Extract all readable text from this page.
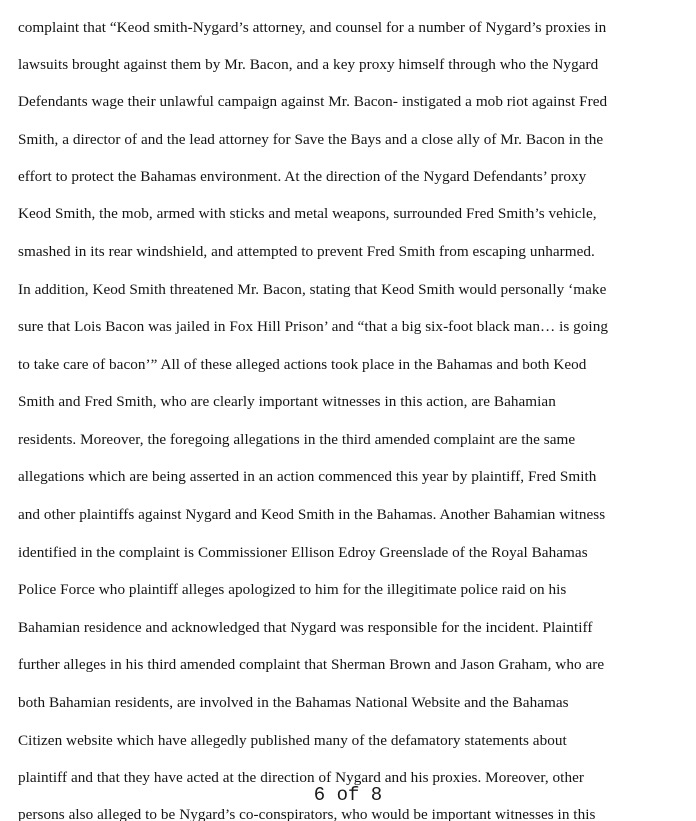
complaint that “Keod smith-Nygard’s attorney, and counsel for a number of Nygard’s proxies in
lawsuits brought against them by Mr. Bacon, and a key proxy himself through who the Nygard
Defendants wage their unlawful campaign against Mr. Bacon- instigated a mob riot against Fred
Smith, a director of and the lead attorney for Save the Bays and a close ally of Mr. Bacon in the
effort to protect the Bahamas environment. At the direction of the Nygard Defendants’ proxy
Keod Smith, the mob, armed with sticks and metal weapons, surrounded Fred Smith’s vehicle,
smashed in its rear windshield, and attempted to prevent Fred Smith from escaping unharmed.
In addition, Keod Smith threatened Mr. Bacon, stating that Keod Smith would personally ‘make
sure that Lois Bacon was jailed in Fox Hill Prison’ and “that a big six-foot black man… is going
to take care of bacon’” All of these alleged actions took place in the Bahamas and both Keod
Smith and Fred Smith, who are clearly important witnesses in this action, are Bahamian
residents. Moreover, the foregoing allegations in the third amended complaint are the same
allegations which are being asserted in an action commenced this year by plaintiff, Fred Smith
and other plaintiffs against Nygard and Keod Smith in the Bahamas. Another Bahamian witness
identified in the complaint is Commissioner Ellison Edroy Greenslade of the Royal Bahamas
Police Force who plaintiff alleges apologized to him for the illegitimate police raid on his
Bahamian residence and acknowledged that Nygard was responsible for the incident. Plaintiff
further alleges in his third amended complaint that Sherman Brown and Jason Graham, who are
both Bahamian residents, are involved in the Bahamas National Website and the Bahamas
Citizen website which have allegedly published many of the defamatory statements about
plaintiff and that they have acted at the direction of Nygard and his proxies. Moreover, other
persons also alleged to be Nygard’s co-conspirators, who would be important witnesses in this
6 of 8
